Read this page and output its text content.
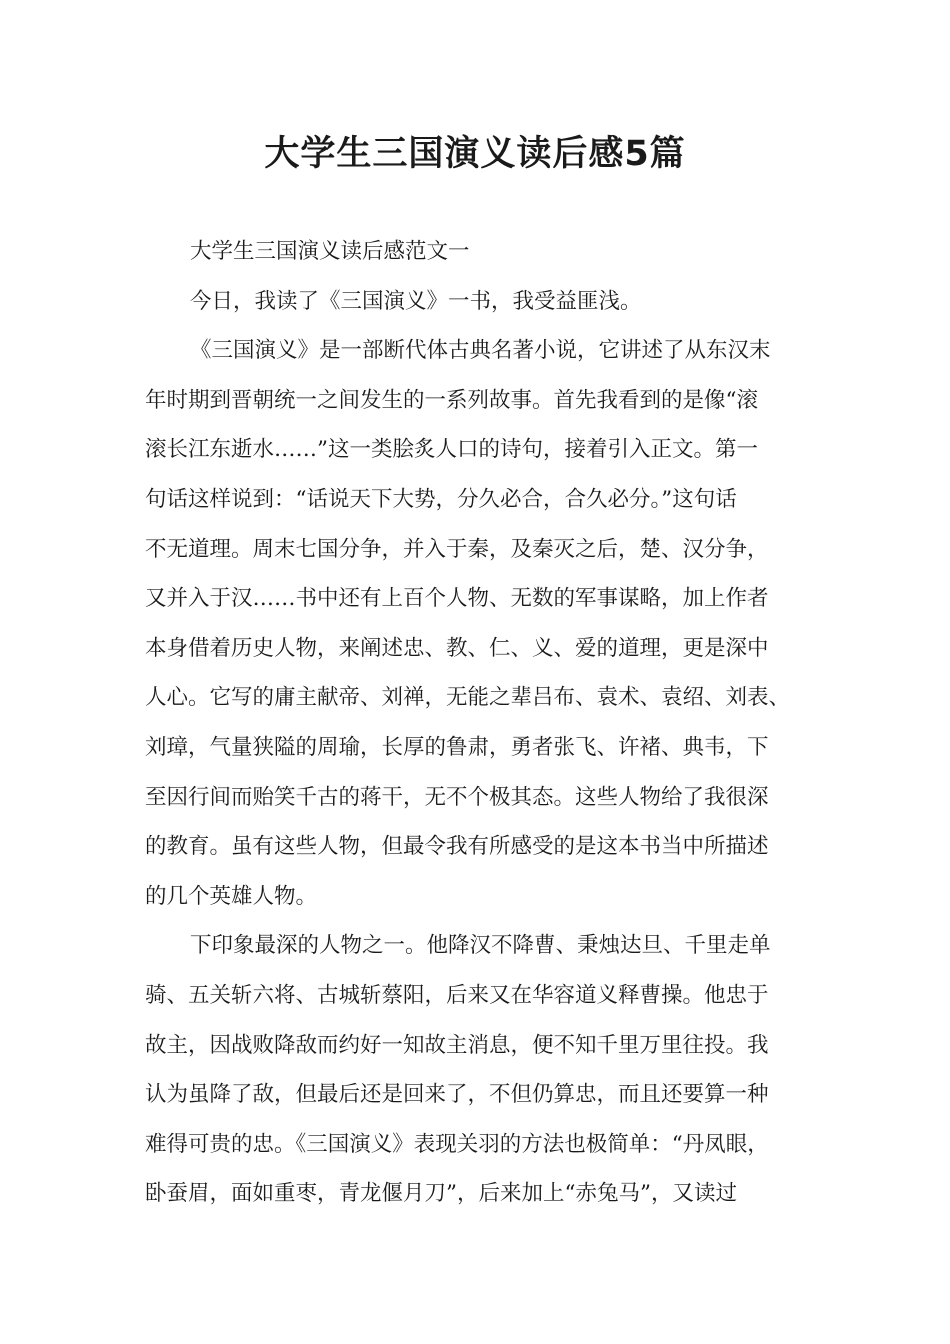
大学生三国演义读后感5篇
大学生三国演义读后感范文一
今日，我读了《三国演义》一书，我受益匪浅。
《三国演义》是一部断代体古典名著小说，它讲述了从东汉末
年时期到晋朝统一之间发生的一系列故事。首先我看到的是像“滚
滚长江东逝水……”这一类脍炙人口的诗句，接着引入正文。第一
句话这样说到：“话说天下大势，分久必合，合久必分。”这句话
不无道理。周末七国分争，并入于秦，及秦灭之后，楚、汉分争，
又并入于汉……书中还有上百个人物、无数的军事谋略，加上作者
本身借着历史人物，来阐述忠、教、仁、义、爱的道理，更是深中
人心。它写的庸主献帝、刘禅，无能之辈吕布、袁术、袁绍、刘表、
刘璋，气量狭隘的周瑜，长厚的鲁肃，勇者张飞、许褚、典韦，下
至因行间而贻笑千古的蒋干，无不个极其态。这些人物给了我很深
的教育。虽有这些人物，但最令我有所感受的是这本书当中所描述
的几个英雄人物。
下印象最深的人物之一。他降汉不降曹、秉烛达旦、千里走单
骑、五关斩六将、古城斩蔡阳，后来又在华容道义释曹操。他忠于
故主，因战败降敌而约好一知故主消息，便不知千里万里往投。我
认为虽降了敌，但最后还是回来了，不但仍算忠，而且还要算一种
难得可贵的忠。《三国演义》表现关羽的方法也极简单：“丹凤眼，
卧蚕眉，面如重枣，青龙偃月刀”，后来加上“赤兔马”，又读过
